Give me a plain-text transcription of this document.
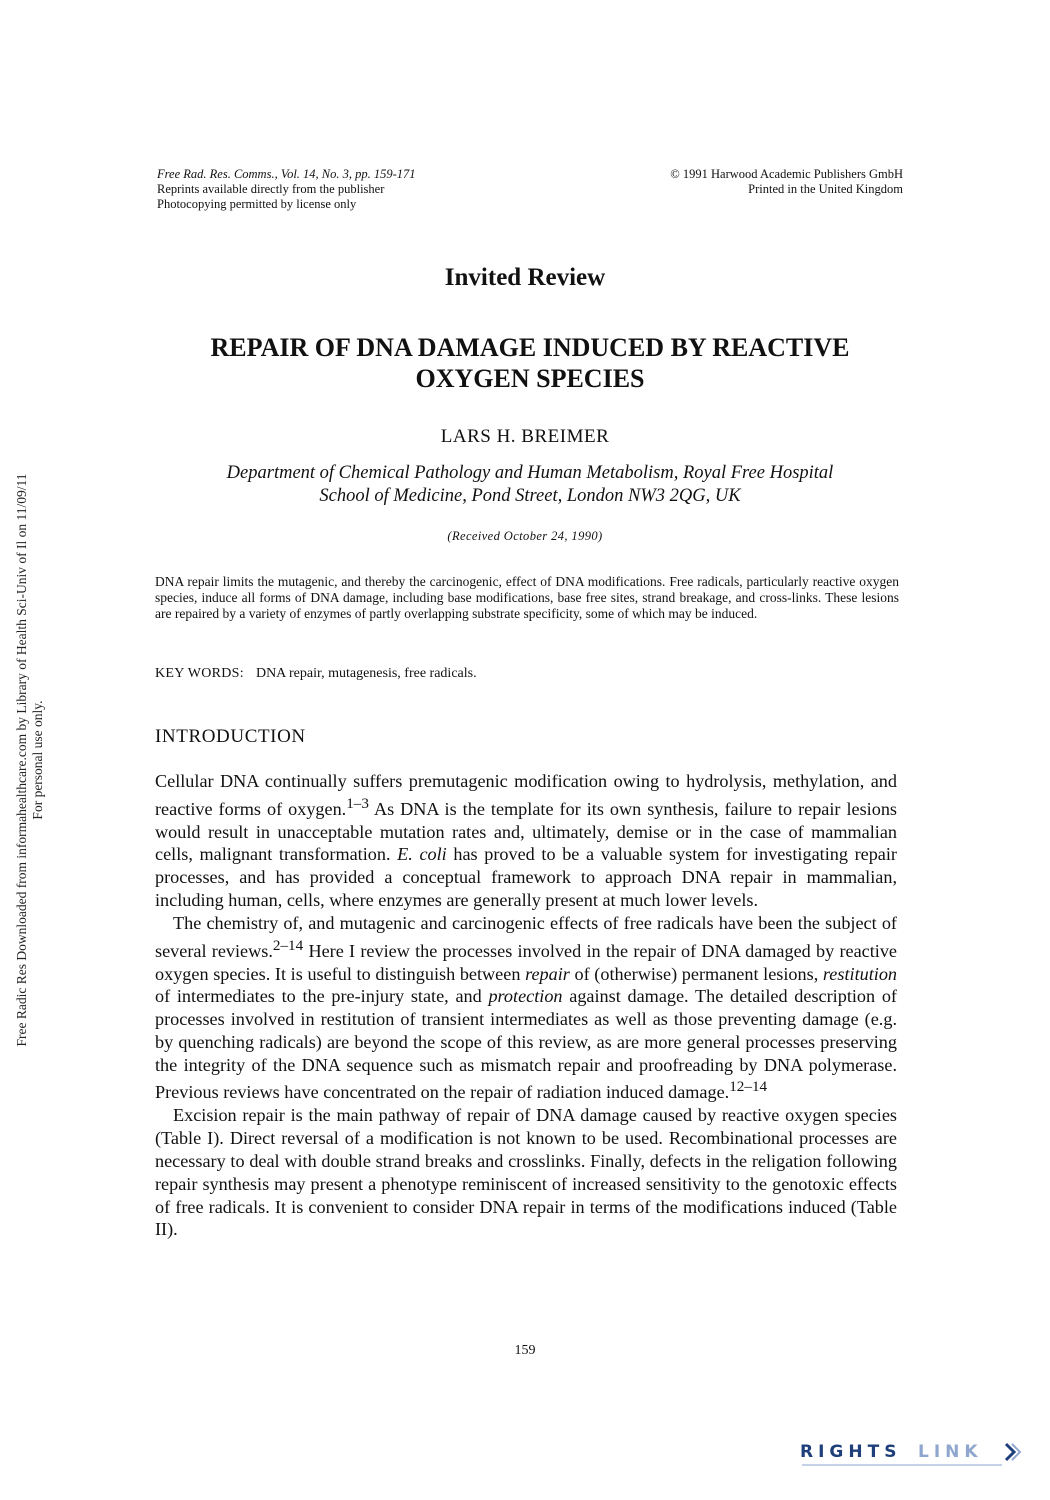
Free Rad. Res. Comms., Vol. 14, No. 3, pp. 159-171
Reprints available directly from the publisher
Photocopying permitted by license only
© 1991 Harwood Academic Publishers GmbH
Printed in the United Kingdom
Invited Review
REPAIR OF DNA DAMAGE INDUCED BY REACTIVE
OXYGEN SPECIES
LARS H. BREIMER
Department of Chemical Pathology and Human Metabolism, Royal Free Hospital
School of Medicine, Pond Street, London NW3 2QG, UK
(Received October 24, 1990)
DNA repair limits the mutagenic, and thereby the carcinogenic, effect of DNA modifications. Free radicals, particularly reactive oxygen species, induce all forms of DNA damage, including base modifications, base free sites, strand breakage, and cross-links. These lesions are repaired by a variety of enzymes of partly overlapping substrate specificity, some of which may be induced.
KEY WORDS: DNA repair, mutagenesis, free radicals.
INTRODUCTION

Cellular DNA continually suffers premutagenic modification owing to hydrolysis, methylation, and reactive forms of oxygen.$^{1-3}$ As DNA is the template for its own synthesis, failure to repair lesions would result in unacceptable mutation rates and, ultimately, demise or in the case of mammalian cells, malignant transformation. E. coli has proved to be a valuable system for investigating repair processes, and has provided a conceptual framework to approach DNA repair in mammalian, including human, cells, where enzymes are generally present at much lower levels.

The chemistry of, and mutagenic and carcinogenic effects of free radicals have been the subject of several reviews.$^{2-14}$ Here I review the processes involved in the repair of DNA damaged by reactive oxygen species. It is useful to distinguish between repair of (otherwise) permanent lesions, restitution of intermediates to the pre-injury state, and protection against damage. The detailed description of processes involved in restitution of transient intermediates as well as those preventing damage (e.g. by quenching radicals) are beyond the scope of this review, as are more general processes preserving the integrity of the DNA sequence such as mismatch repair and proofreading by DNA polymerase. Previous reviews have concentrated on the repair of radiation induced damage.$^{12-14}$

Excision repair is the main pathway of repair of DNA damage caused by reactive oxygen species (Table I). Direct reversal of a modification is not known to be used. Recombinational processes are necessary to deal with double strand breaks and crosslinks. Finally, defects in the religation following repair synthesis may present a phenotype reminiscent of increased sensitivity to the genotoxic effects of free radicals. It is convenient to consider DNA repair in terms of the modifications induced (Table II).

159
Free Radic Res Downloaded from informahealthcare.com by Library of Health Sci-Univ of Il on 11/09/11 For personal use only.
RIGHTS LINK
